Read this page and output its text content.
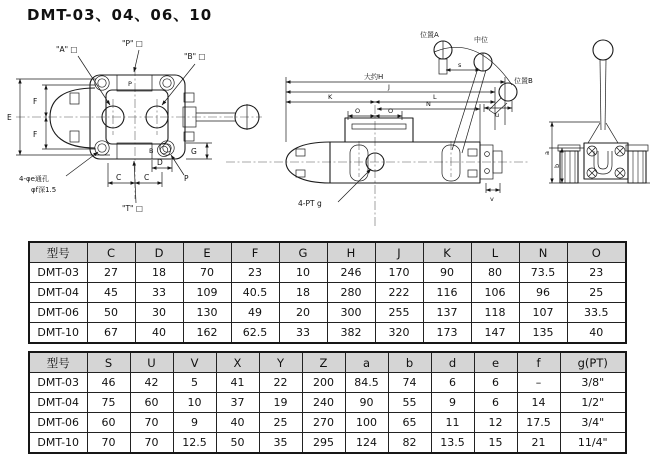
DMT-03、04、06、10
P
B
E
F
F
G
D
C	C
"A" □
"P" □
"B" □
"T" □
P
4-φe通孔
φf深1.5
位置A
中位
位置B
s
u
v
大约H
J
K	L
N
O	O
4-PT g
a
b
型号	C	D	E	F	G	H	J	K	L	N	O
DMT-03	27	18	70	23	10	246	170	90	80	73.5	23
DMT-04	45	33	109	40.5	18	280	222	116	106	96	25
DMT-06	50	30	130	49	20	300	255	137	118	107	33.5
DMT-10	67	40	162	62.5	33	382	320	173	147	135	40
型号	S	U	V	X	Y	Z	a	b	d	e	f	g(PT)
DMT-03	46	42	5	41	22	200	84.5	74	6	6	–	3/8"
DMT-04	75	60	10	37	19	240	90	55	9	6	14	1/2"
DMT-06	60	70	9	40	25	270	100	65	11	12	17.5	3/4"
DMT-10	70	70	12.5	50	35	295	124	82	13.5	15	21	11/4"
